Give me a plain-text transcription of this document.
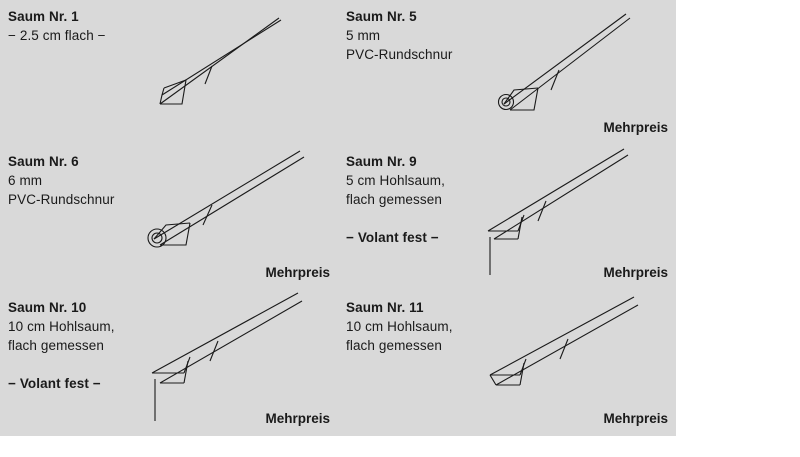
Saum Nr. 1
− 2.5 cm flach −
Saum Nr. 5
5 mm
PVC-Rundschnur
Mehrpreis
Saum Nr. 6
6 mm
PVC-Rundschnur
Mehrpreis
Saum Nr. 9
5 cm Hohlsaum,
flach gemessen
− Volant fest −
Mehrpreis
Saum Nr. 10
10 cm Hohlsaum,
flach gemessen
− Volant fest −
Mehrpreis
Saum Nr. 11
10 cm Hohlsaum,
flach gemessen
Mehrpreis
